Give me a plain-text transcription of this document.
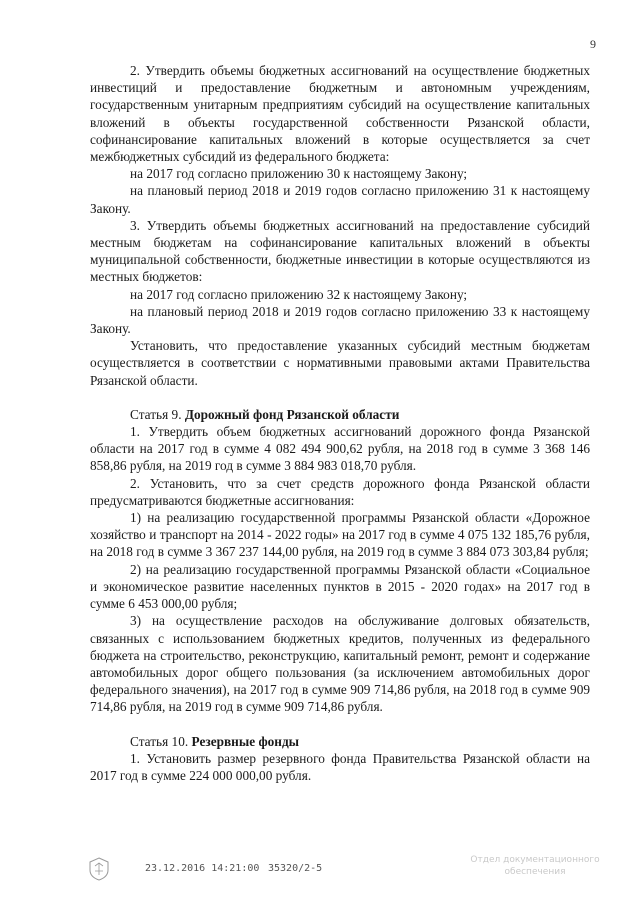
9

2. Утвердить объемы бюджетных ассигнований на осуществление бюджетных инвестиций и предоставление бюджетным и автономным учреждениям, государственным унитарным предприятиям субсидий на осуществление капитальных вложений в объекты государственной собственности Рязанской области, софинансирование капитальных вложений в которые осуществляется за счет межбюджетных субсидий из федерального бюджета:

на 2017 год согласно приложению 30 к настоящему Закону;

на плановый период 2018 и 2019 годов согласно приложению 31 к настоящему Закону.

3. Утвердить объемы бюджетных ассигнований на предоставление субсидий местным бюджетам на софинансирование капитальных вложений в объекты муниципальной собственности, бюджетные инвестиции в которые осуществляются из местных бюджетов:

на 2017 год согласно приложению 32 к настоящему Закону;

на плановый период 2018 и 2019 годов согласно приложению 33 к настоящему Закону.

Установить, что предоставление указанных субсидий местным бюджетам осуществляется в соответствии с нормативными правовыми актами Правительства Рязанской области.

Статья 9. Дорожный фонд Рязанской области

1. Утвердить объем бюджетных ассигнований дорожного фонда Рязанской области на 2017 год в сумме 4 082 494 900,62 рубля, на 2018 год в сумме 3 368 146 858,86 рубля, на 2019 год в сумме 3 884 983 018,70 рубля.

2. Установить, что за счет средств дорожного фонда Рязанской области предусматриваются бюджетные ассигнования:

1) на реализацию государственной программы Рязанской области «Дорожное хозяйство и транспорт на 2014 - 2022 годы» на 2017 год в сумме 4 075 132 185,76 рубля, на 2018 год в сумме 3 367 237 144,00 рубля, на 2019 год в сумме 3 884 073 303,84 рубля;

2) на реализацию государственной программы Рязанской области «Социальное и экономическое развитие населенных пунктов в 2015 - 2020 годах» на 2017 год в сумме 6 453 000,00 рубля;

3) на осуществление расходов на обслуживание долговых обязательств, связанных с использованием бюджетных кредитов, полученных из федерального бюджета на строительство, реконструкцию, капитальный ремонт, ремонт и содержание автомобильных дорог общего пользования (за исключением автомобильных дорог федерального значения), на 2017 год в сумме 909 714,86 рубля, на 2018 год в сумме 909 714,86 рубля, на 2019 год в сумме 909 714,86 рубля.

Статья 10. Резервные фонды

1. Установить размер резервного фонда Правительства Рязанской области на 2017 год в сумме 224 000 000,00 рубля.

23.12.2016 14:21:00 35320/2-5
Отдел документационного
обеспечения
